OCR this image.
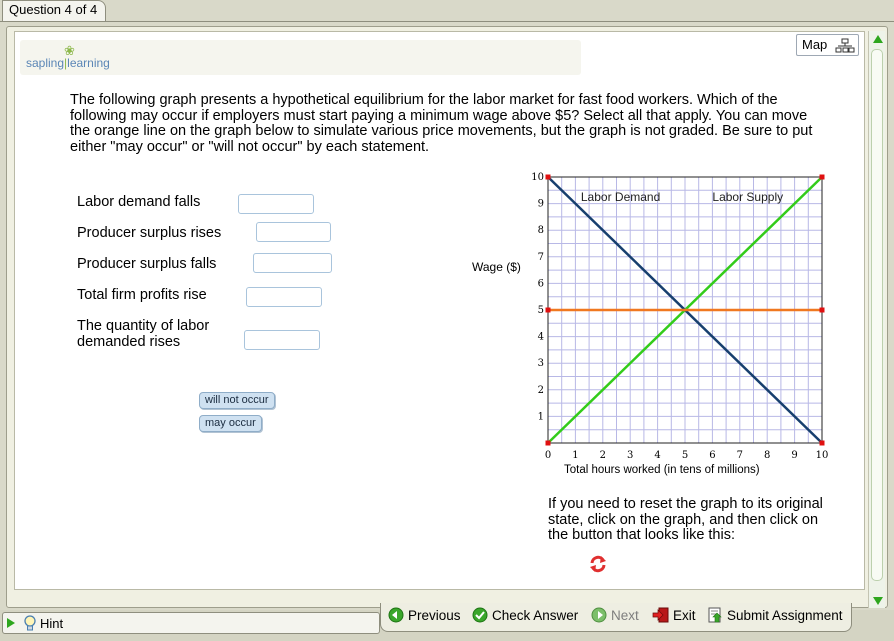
Question 4 of 4
❀
sapling|learning
Map
The following graph presents a hypothetical equilibrium for the labor market for fast food workers. Which of the following may occur if employers must start paying a minimum wage above $5? Select all that apply. You can move the orange line on the graph below to simulate various price movements, but the graph is not graded. Be sure to put either "may occur" or "will not occur" by each statement.
Labor demand falls
Producer surplus rises
Producer surplus falls
Total firm profits rise
The quantity of labor demanded rises
will not occur
may occur
Wage ($)
Total hours worked (in tens of millions)
0 1 2 3 4 5 6 7 8 9 10
1
2
3
4
5
6
7
8
9
10
Labor Demand	Labor Supply
If you need to reset the graph to its original state, click on the graph, and then click on the button that looks like this:
Previous	Check Answer	Next	Exit	Submit Assignment
Hint
